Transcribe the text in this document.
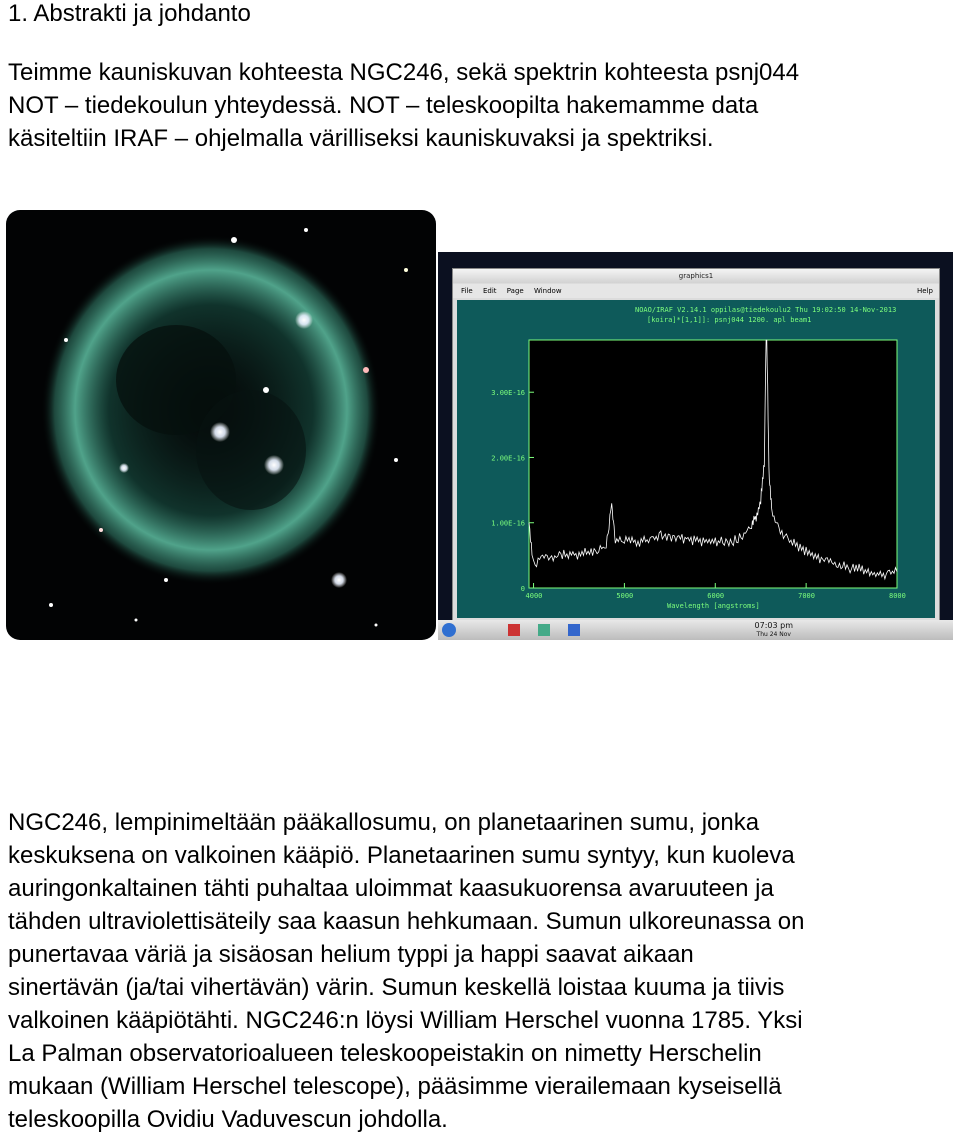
1. Abstrakti ja johdanto
Teimme kauniskuvan kohteesta NGC246, sekä spektrin kohteesta psnj044
NOT – tiedekoulun yhteydessä. NOT – teleskoopilta hakemamme data
käsiteltiin IRAF – ohjelmalla värilliseksi kauniskuvaksi ja spektriksi.
graphics1
File Edit Page Window	Help
NOAO/IRAF V2.14.1 oppilas@tiedekoulu2 Thu 19:02:50 14-Nov-2013
[koira]*[1,1]]: psnj044 1200. apl beam1
4000	5000	6000	7000	8000
0
1.00E-16
2.00E-16
3.00E-16
Wavelength [angstroms]
07:03 pm
Thu 24 Nov
NGC246, lempinimeltään pääkallosumu, on planetaarinen sumu, jonka
keskuksena on valkoinen kääpiö. Planetaarinen sumu syntyy, kun kuoleva
auringonkaltainen tähti puhaltaa uloimmat kaasukuorensa avaruuteen ja
tähden ultraviolettisäteily saa kaasun hehkumaan. Sumun ulkoreunassa on
punertavaa väriä ja sisäosan helium typpi ja happi saavat aikaan
sinertävän (ja/tai vihertävän) värin. Sumun keskellä loistaa kuuma ja tiivis
valkoinen kääpiötähti. NGC246:n löysi William Herschel vuonna 1785. Yksi
La Palman observatorioalueen teleskoopeistakin on nimetty Herschelin
mukaan (William Herschel telescope), pääsimme vierailemaan kyseisellä
teleskoopilla Ovidiu Vaduvescun johdolla.
